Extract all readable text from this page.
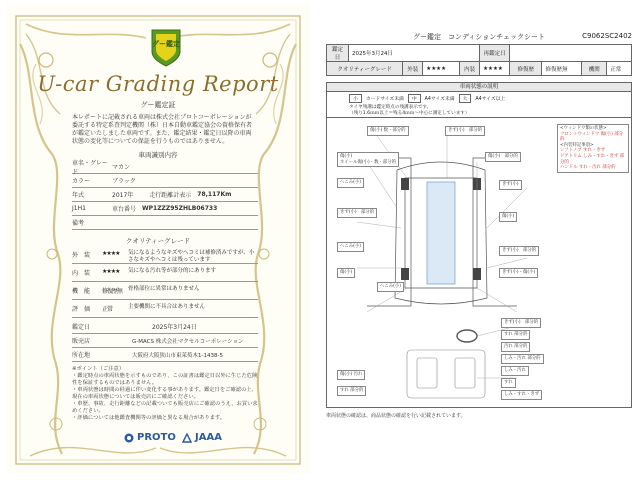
グー鑑定
U-car Grading Report
グー鑑定証
本レポートに記載される車両は株式会社プロトコーポレーションが委託する特定系査判定機関（株）日本自動車鑑定協会の資格保有者が鑑定いたしました車両です。また、鑑定結果・鑑定日以降の車両状態の変化等についての保証を行うものではありません。
車両識別内容
車名・グレード
マカン
カラー	ブラック
年式	2017年	走行距離計表示 78,117Km
J1H1	車台番号 WP1ZZZ95ZHLB06733
備考
クオリティーグレード
外　装	★★★★	気になるようなキズやヘコミは補修済みですが、小さなキズやヘコミは残っています
内　装	★★★★	気になる汚れ等が部分的にあります
機　能	修復歴無	骨格部位に異常はありません
評　価	正常	主要機関に不具合はありません
鑑定日	2025年3月24日
販売店	G-MACS 株式会社マクセルコーポレーション
所在地	大阪府大阪狭山市東茱萸木1-1438-5
※ポイント（ご注意）
・鑑定時点の車両状態を示すものであり、この証書は鑑定日以外に生じた危険性を保証するものではありません。
・車両状態は時間の経過に伴い変化する事があります。鑑定日をご確認の上、現在の車両状態については販売店にご確認ください。
・車歴、事故、走行距離などの記載ついても販売店にご確認のうえ、お買い求めください。
・評価については他鑑査機関等の評価と異なる場合があります。
PROTO JAAA
グー鑑定　コンディションチェックシート	C9062SC2402
鑑定日	2025年3月24日				再鑑定日				
クオリティーグレード		外装	★★★★	内装	★★★★	修復歴	修復歴無	機関	正常
車両状態の説明
小	カードサイズ未満	中	A4サイズ未満	大	A4サイズ以上
タイヤ残溝は鑑定時点の残溝表示です。
（残り1.6ｍｍ以上＝残る4ｍｍ～中心に測定しています）
傷(小) 数・部分的	きず(小)　部分的
傷(小)
ホイール傷(小)・数・部分的
傷(小)　部分的
きず(小)
へこみ(小)
きず(小)　部分的
傷(小)
へこみ(小)
きず(小)　部分的
傷(小)
へこみ(小)
きず(小)・傷(小)
<ウィンドウ類の状態>
フロントウィンドウ 傷(小) 部分的
<内装特記事項>
シフトノブ すれ・きず
ドアトリム しみ・すれ・きず 部分的
ハンドル すれ・汚れ 部分的
きず(小)　部分的
すれ 部分的
汚れ 部分的
しみ・汚れ 部分的
しみ・汚れ
すれ
しみ・すれ・きず
傷(小) 汚れ
すれ 部分的
車両状態の確認は、商品状態の確認を行い記載されています。
